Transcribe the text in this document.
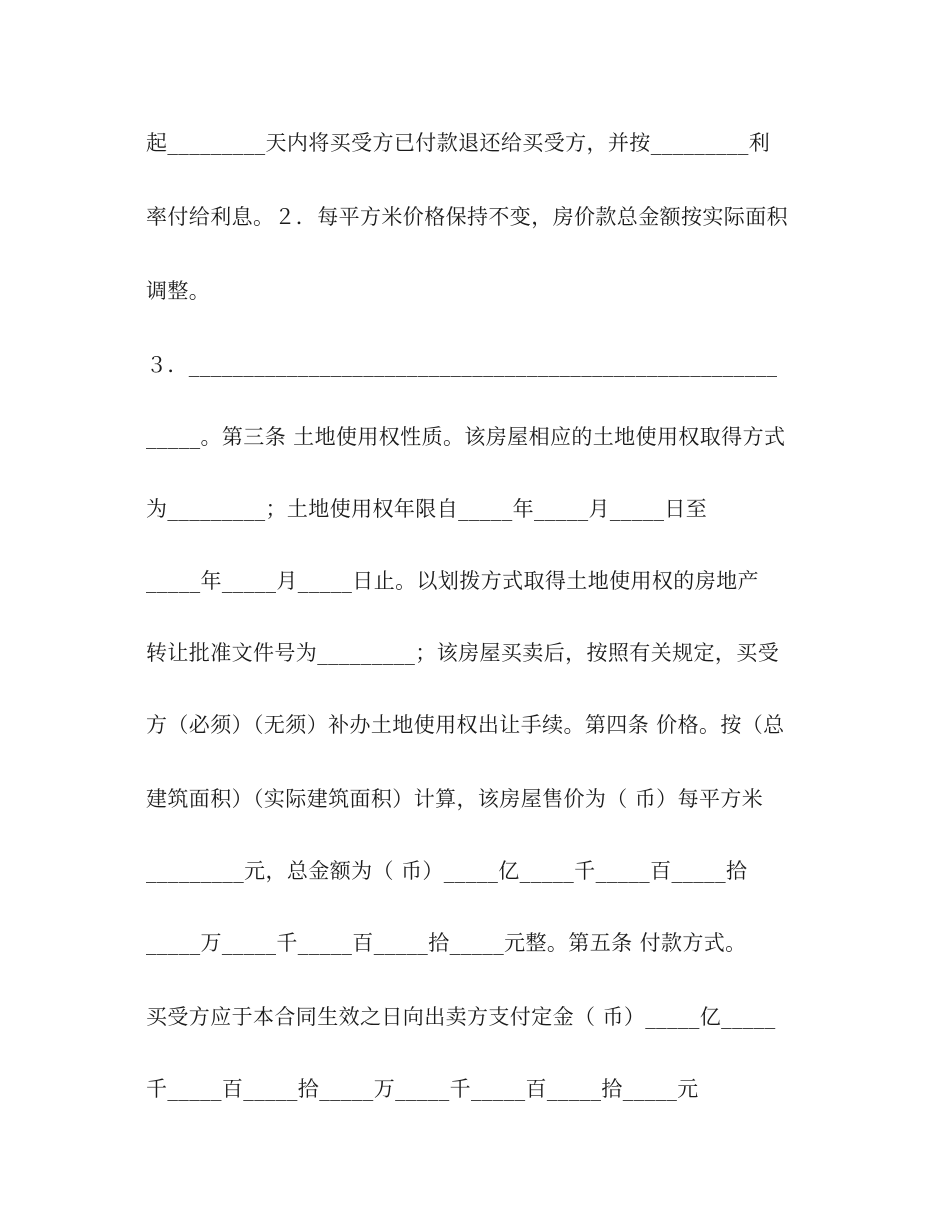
起_________天内将买受方已付款退还给买受方，并按_________利
率付给利息。２．每平方米价格保持不变，房价款总金额按实际面积
调整。
３．______________________________________________________
_____。第三条 土地使用权性质。该房屋相应的土地使用权取得方式
为_________；土地使用权年限自_____年_____月_____日至
_____年_____月_____日止。以划拨方式取得土地使用权的房地产
转让批准文件号为_________；该房屋买卖后，按照有关规定，买受
方（必须）（无须）补办土地使用权出让手续。第四条 价格。按（总
建筑面积）（实际建筑面积）计算，该房屋售价为（ 币）每平方米
_________元，总金额为（ 币）_____亿_____千_____百_____拾
_____万_____千_____百_____拾_____元整。第五条 付款方式。
买受方应于本合同生效之日向出卖方支付定金（ 币）_____亿_____
千_____百_____拾_____万_____千_____百_____拾_____元
